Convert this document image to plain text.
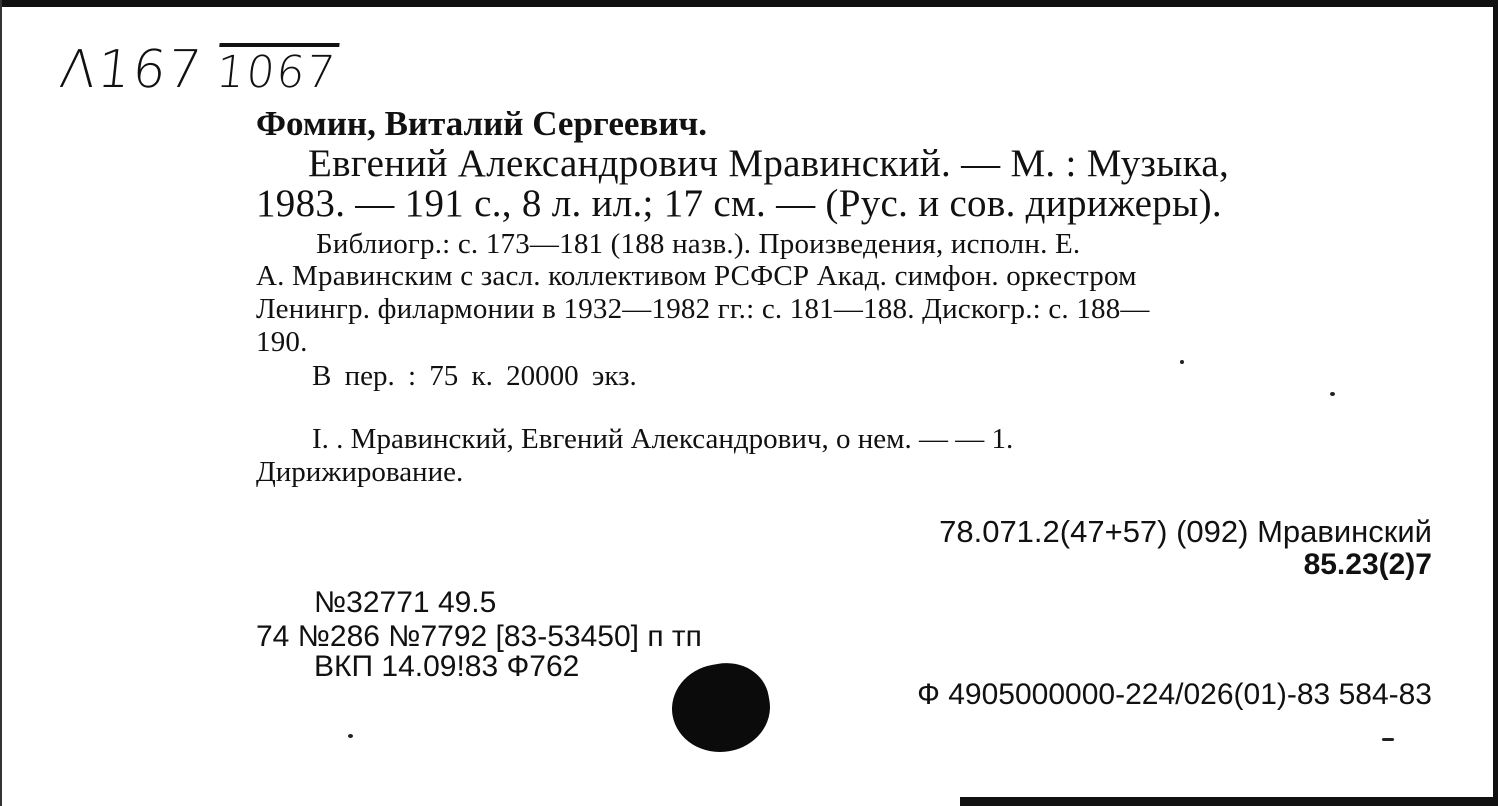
Λ167 1067
Фомин, Виталий Сергеевич.
Евгений Александрович Мравинский. — М. : Музыка,
1983. — 191 с., 8 л. ил.; 17 см. — (Рус. и сов. дирижеры).
Библиогр.: с. 173—181 (188 назв.). Произведения, исполн. Е.
А. Мравинским с засл. коллективом РСФСР Акад. симфон. оркестром
Ленингр. филармонии в 1932—1982 гг.: с. 181—188. Дискогр.: с. 188—
190.
В пер. : 75 к. 20000 экз.
I. . Мравинский, Евгений Александрович, о нем. — — 1.
Дирижирование.
78.071.2(47+57) (092) Мравинский
85.23(2)7
№32771 49.5
74 №286 №7792 [83-53450] п тп
ВКП 14.09!83 Ф762
Ф 4905000000-224/026(01)-83 584-83
